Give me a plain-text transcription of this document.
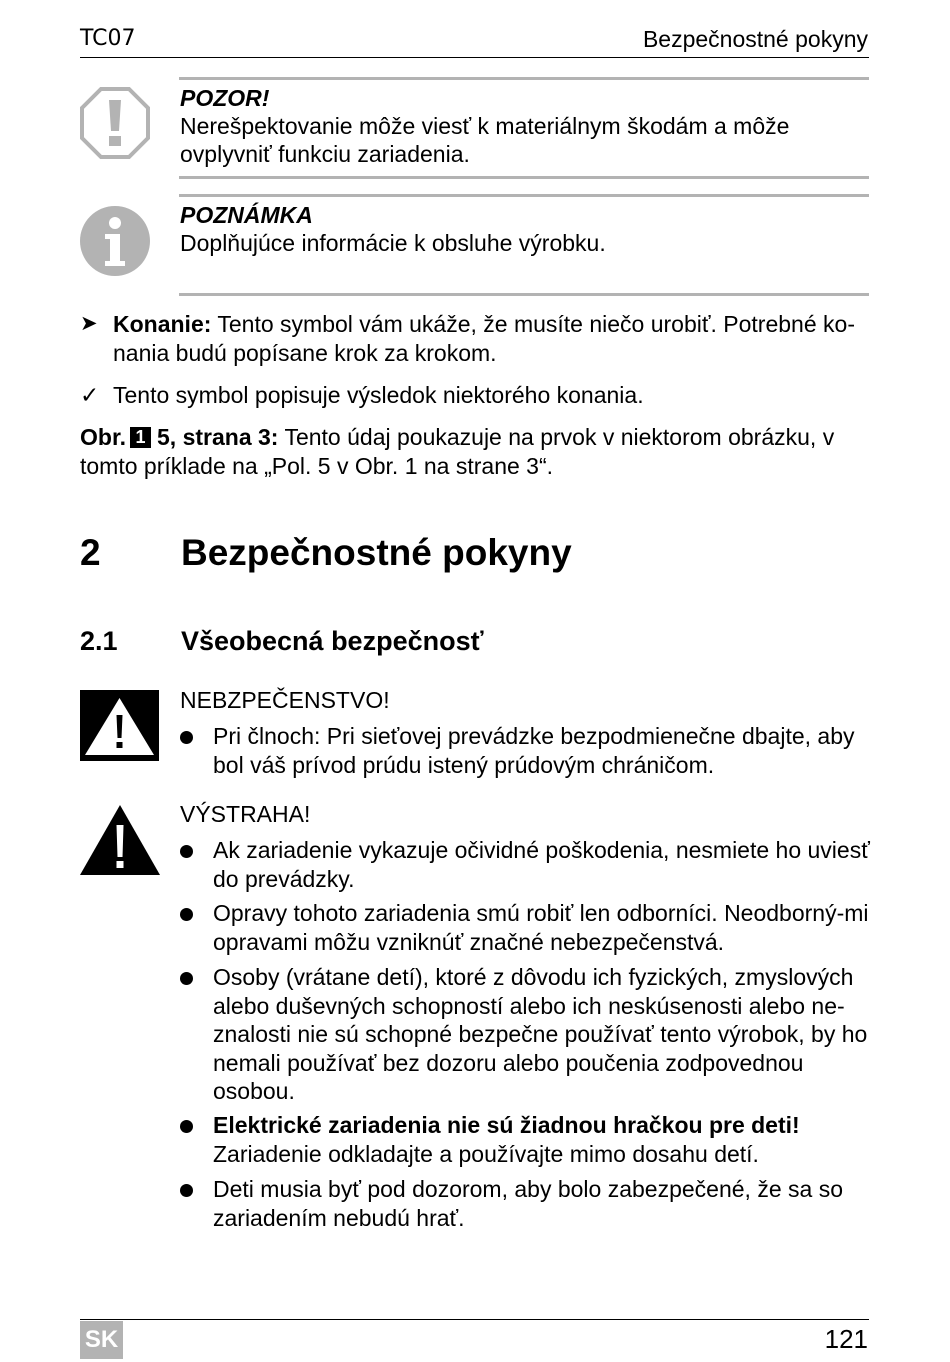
TC07	Bezpečnostné pokyny
POZOR!
Nerešpektovanie môže viesť k materiálnym škodám a môže ovplyvniť funkciu zariadenia.
POZNÁMKA
Doplňujúce informácie k obsluhe výrobku.
➤ Konanie: Tento symbol vám ukáže, že musíte niečo urobiť. Potrebné ko-
nania budú popísane krok za krokom.
✓ Tento symbol popisuje výsledok niektorého konania.
Obr. 1 5, strana 3: Tento údaj poukazuje na prvok v niektorom obrázku, v
tomto príklade na „Pol. 5 v Obr. 1 na strane 3“.
2 Bezpečnostné pokyny
2.1 Všeobecná bezpečnosť
NEBZPEČENSTVO!
Pri člnoch: Pri sieťovej prevádzke bezpodmienečne dbajte, aby bol váš prívod prúdu istený prúdovým chráničom.
VÝSTRAHA!
Ak zariadenie vykazuje očividné poškodenia, nesmiete ho uviesť do prevádzky.
Opravy tohoto zariadenia smú robiť len odborníci. Neodborný-mi opravami môžu vzniknúť značné nebezpečenstvá.
Osoby (vrátane detí), ktoré z dôvodu ich fyzických, zmyslových alebo duševných schopností alebo ich neskúsenosti alebo ne-znalosti nie sú schopné bezpečne používať tento výrobok, by ho nemali používať bez dozoru alebo poučenia zodpovednou osobou.
Elektrické zariadenia nie sú žiadnou hračkou pre deti!
Zariadenie odkladajte a používajte mimo dosahu detí.
Deti musia byť pod dozorom, aby bolo zabezpečené, že sa so zariadením nebudú hrať.
SK	121
